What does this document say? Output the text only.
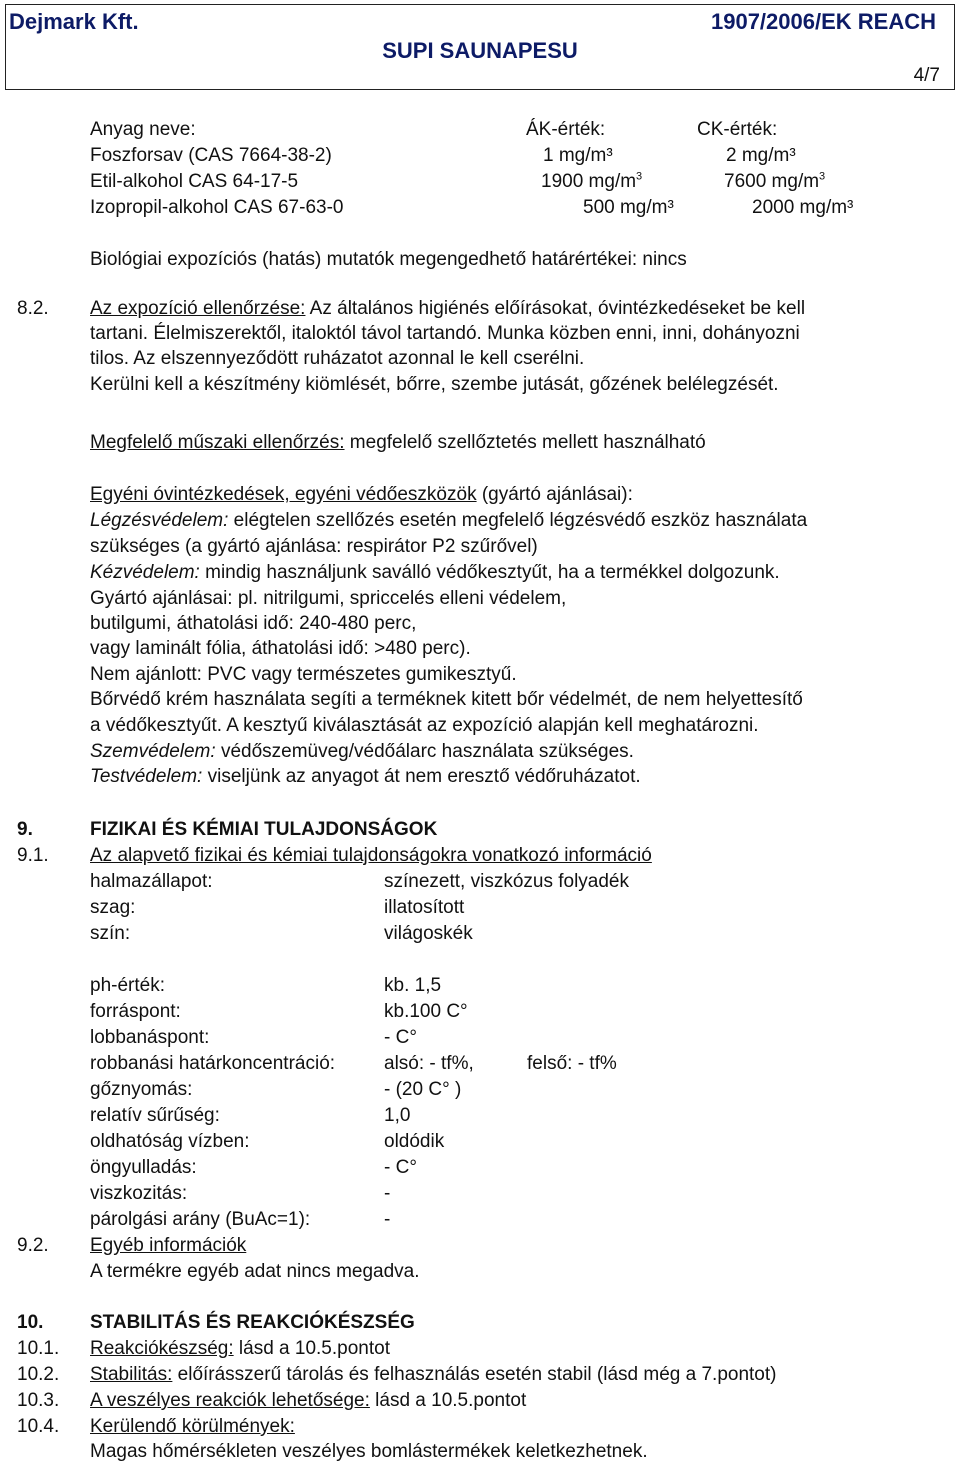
Dejmark Kft.	1907/2006/EK REACH
SUPI SAUNAPESU
4/7
Anyag neve:	ÁK-érték:	CK-érték:
Foszforsav (CAS 7664-38-2)	1 mg/m³	2 mg/m³
Etil-alkohol CAS 64-17-5	1900 $mg/m^3$	7600 $mg/m^3$
Izopropil-alkohol CAS 67-63-0	500 mg/m³	2000 mg/m³
Biológiai expozíciós (hatás) mutatók megengedhető határértékei: nincs
8.2. Az expozíció ellenőrzése: Az általános higiénés előírásokat, óvintézkedéseket be kell
tartani. Élelmiszerektől, italoktól távol tartandó. Munka közben enni, inni, dohányozni
tilos. Az elszennyeződött ruházatot azonnal le kell cserélni.
Kerülni kell a készítmény kiömlését, bőrre, szembe jutását, gőzének belélegzését.
Megfelelő műszaki ellenőrzés: megfelelő szellőztetés mellett használható
Egyéni óvintézkedések, egyéni védőeszközök (gyártó ajánlásai):
Légzésvédelem: elégtelen szellőzés esetén megfelelő légzésvédő eszköz használata
szükséges (a gyártó ajánlása: respirátor P2 szűrővel)
Kézvédelem: mindig használjunk saválló védőkesztyűt, ha a termékkel dolgozunk.
Gyártó ajánlásai: pl. nitrilgumi, spriccelés elleni védelem,
butilgumi, áthatolási idő: 240-480 perc,
vagy laminált fólia, áthatolási idő: >480 perc).
Nem ajánlott: PVC vagy természetes gumikesztyű.
Bőrvédő krém használata segíti a terméknek kitett bőr védelmét, de nem helyettesítő
a védőkesztyűt. A kesztyű kiválasztását az expozíció alapján kell meghatározni.
Szemvédelem: védőszemüveg/védőálarc használata szükséges.
Testvédelem: viseljünk az anyagot át nem eresztő védőruházatot.
9.	FIZIKAI ÉS KÉMIAI TULAJDONSÁGOK
9.1. Az alapvető fizikai és kémiai tulajdonságokra vonatkozó információ
halmazállapot:	színezett, viszkózus folyadék
szag:	illatosított
szín:	világoskék
ph-érték:	kb. 1,5
forráspont:	kb.100 C°
lobbanáspont:	- C°
robbanási határkoncentráció:	alsó: - tf%,	felső: - tf%
gőznyomás:	- (20 C° )
relatív sűrűség:	1,0
oldhatóság vízben:	oldódik
öngyulladás:	- C°
viszkozitás:	-
párolgási arány (BuAc=1):	-
9.2. Egyéb információk
A termékre egyéb adat nincs megadva.
10. STABILITÁS ÉS REAKCIÓKÉSZSÉG
10.1. Reakciókészség: lásd a 10.5.pontot
10.2. Stabilitás: előírásszerű tárolás és felhasználás esetén stabil (lásd még a 7.pontot)
10.3. A veszélyes reakciók lehetősége: lásd a 10.5.pontot
10.4. Kerülendő körülmények:
Magas hőmérsékleten veszélyes bomlástermékek keletkezhetnek.
